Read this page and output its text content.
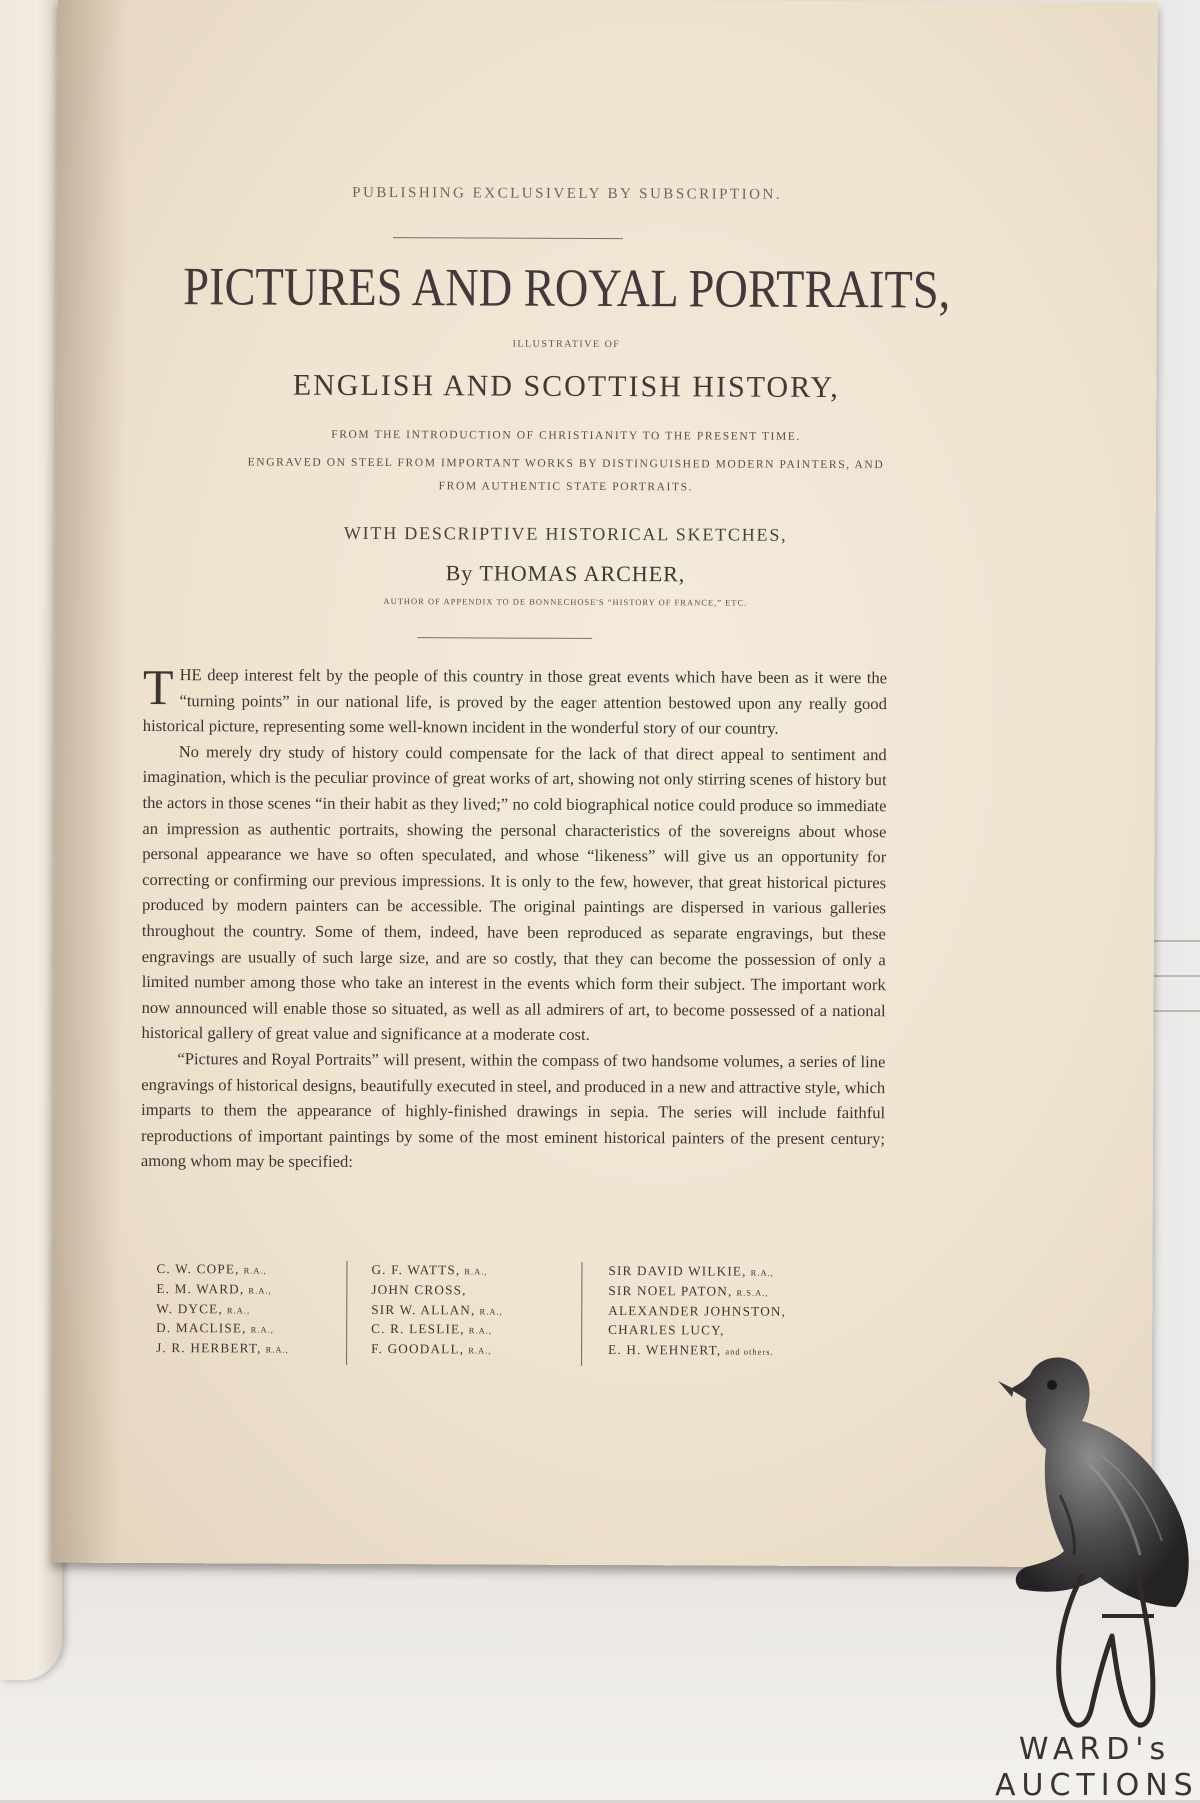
PUBLISHING EXCLUSIVELY BY SUBSCRIPTION.
PICTURES AND ROYAL PORTRAITS,
ILLUSTRATIVE OF
ENGLISH AND SCOTTISH HISTORY,
FROM THE INTRODUCTION OF CHRISTIANITY TO THE PRESENT TIME.
ENGRAVED ON STEEL FROM IMPORTANT WORKS BY DISTINGUISHED MODERN PAINTERS, AND
FROM AUTHENTIC STATE PORTRAITS.
WITH DESCRIPTIVE HISTORICAL SKETCHES,
By THOMAS ARCHER,
AUTHOR OF APPENDIX TO DE BONNECHOSE'S “HISTORY OF FRANCE,” ETC.

THE deep interest felt by the people of this country in those great events which have been as it were the “turning points” in our national life, is proved by the eager attention bestowed upon any really good historical picture, representing some well-known incident in the wonderful story of our country.

No merely dry study of history could compensate for the lack of that direct appeal to sentiment and imagination, which is the peculiar province of great works of art, showing not only stirring scenes of history but the actors in those scenes “in their habit as they lived;” no cold biographical notice could produce so immediate an impression as authentic portraits, showing the personal characteristics of the sovereigns about whose personal appearance we have so often speculated, and whose “likeness” will give us an opportunity for correcting or confirming our previous impressions. It is only to the few, however, that great historical pictures produced by modern painters can be accessible. The original paintings are dispersed in various galleries throughout the country. Some of them, indeed, have been reproduced as separate engravings, but these engravings are usually of such large size, and are so costly, that they can become the possession of only a limited number among those who take an interest in the events which form their subject. The important work now announced will enable those so situated, as well as all admirers of art, to become possessed of a national historical gallery of great value and significance at a moderate cost.

“Pictures and Royal Portraits” will present, within the compass of two handsome volumes, a series of line engravings of historical designs, beautifully executed in steel, and produced in a new and attractive style, which imparts to them the appearance of highly-finished drawings in sepia. The series will include faithful reproductions of important paintings by some of the most eminent historical painters of the present century; among whom may be specified:

C. W. COPE, R.A.,
E. M. WARD, R.A.,
W. DYCE, R.A.,
D. MACLISE, R.A.,
J. R. HERBERT, R.A.,
G. F. WATTS, R.A.,
JOHN CROSS,
SIR W. ALLAN, R.A.,
C. R. LESLIE, R.A.,
F. GOODALL, R.A.,
SIR DAVID WILKIE, R.A.,
SIR NOEL PATON, R.S.A.,
ALEXANDER JOHNSTON,
CHARLES LUCY,
E. H. WEHNERT, and others.
WARD's
AUCTIONS
